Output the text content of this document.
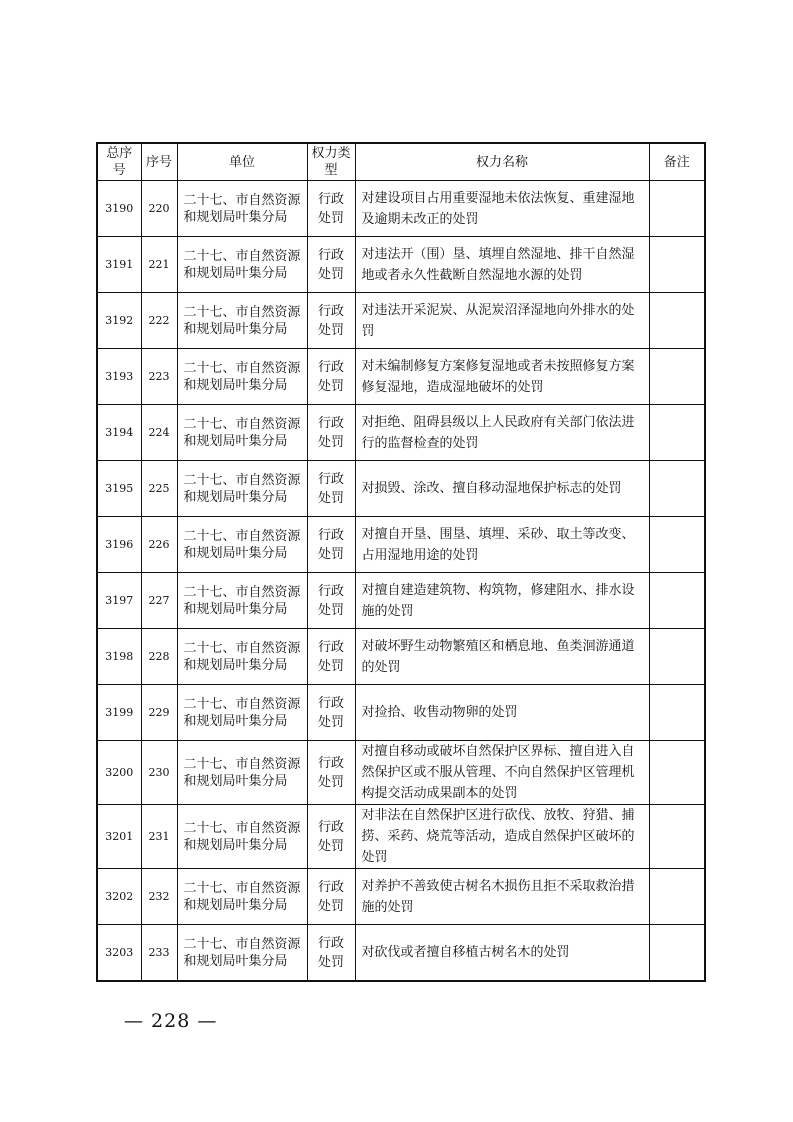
总序号	序号	单位	权力类型	权力名称	备注
3190	220	二十七、市自然资源和规划局叶集分局	行政处罚	对建设项目占用重要湿地未依法恢复、重建湿地及逾期未改正的处罚	
3191	221	二十七、市自然资源和规划局叶集分局	行政处罚	对违法开（围）垦、填埋自然湿地、排干自然湿地或者永久性截断自然湿地水源的处罚	
3192	222	二十七、市自然资源和规划局叶集分局	行政处罚	对违法开采泥炭、从泥炭沼泽湿地向外排水的处罚	
3193	223	二十七、市自然资源和规划局叶集分局	行政处罚	对未编制修复方案修复湿地或者未按照修复方案修复湿地，造成湿地破坏的处罚	
3194	224	二十七、市自然资源和规划局叶集分局	行政处罚	对拒绝、阻碍县级以上人民政府有关部门依法进行的监督检查的处罚	
3195	225	二十七、市自然资源和规划局叶集分局	行政处罚	对损毁、涂改、擅自移动湿地保护标志的处罚	
3196	226	二十七、市自然资源和规划局叶集分局	行政处罚	对擅自开垦、围垦、填埋、采砂、取土等改变、占用湿地用途的处罚	
3197	227	二十七、市自然资源和规划局叶集分局	行政处罚	对擅自建造建筑物、构筑物，修建阻水、排水设施的处罚	
3198	228	二十七、市自然资源和规划局叶集分局	行政处罚	对破坏野生动物繁殖区和栖息地、鱼类洄游通道的处罚	
3199	229	二十七、市自然资源和规划局叶集分局	行政处罚	对捡拾、收售动物卵的处罚	
3200	230	二十七、市自然资源和规划局叶集分局	行政处罚	对擅自移动或破坏自然保护区界标、擅自进入自然保护区或不服从管理、不向自然保护区管理机构提交活动成果副本的处罚	
3201	231	二十七、市自然资源和规划局叶集分局	行政处罚	对非法在自然保护区进行砍伐、放牧、狩猎、捕捞、采药、烧荒等活动，造成自然保护区破坏的处罚	
3202	232	二十七、市自然资源和规划局叶集分局	行政处罚	对养护不善致使古树名木损伤且拒不采取救治措施的处罚	
3203	233	二十七、市自然资源和规划局叶集分局	行政处罚	对砍伐或者擅自移植古树名木的处罚	
— 228 —
